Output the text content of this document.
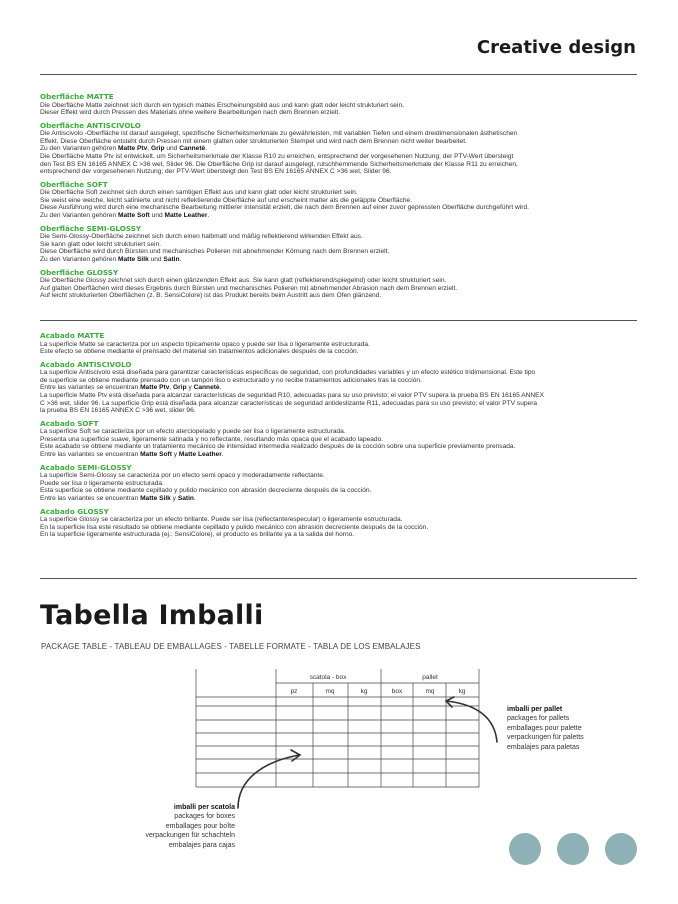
Creative design
Oberfläche MATTE
Die Oberfläche Matte zeichnet sich durch ein typisch mattes Erscheinungsbild aus und kann glatt oder leicht strukturiert sein.
Dieser Effekt wird durch Pressen des Materials ohne weitere Bearbeitungen nach dem Brennen erzielt.
Oberfläche ANTISCIVOLO
Die Antiscivolo -Oberfläche ist darauf ausgelegt, spezifische Sicherheitsmerkmale zu gewährleisten, mit variablen Tiefen und einem dreidimensionalen ästhetischen
Effekt. Diese Oberfläche entsteht durch Pressen mit einem glatten oder strukturierten Stempel und wird nach dem Brennen nicht weiter bearbeitet.
Zu den Varianten gehören Matte Ptv, Grip und Cannetè.
Die Oberfläche Matte Ptv ist entwickelt, um Sicherheitsmerkmale der Klasse R10 zu erreichen, entsprechend der vorgesehenen Nutzung; der PTV-Wert übersteigt
den Test BS EN 16165 ANNEX C >36 wet, Slider 96. Die Oberfläche Grip ist darauf ausgelegt, rutschhemmende Sicherheitsmerkmale der Klasse R11 zu erreichen,
entsprechend der vorgesehenen Nutzung; der PTV-Wert übersteigt den Test BS EN 16165 ANNEX C >36 wet, Slider 96.
Oberfläche SOFT
Die Oberfläche Soft zeichnet sich durch einen samtigen Effekt aus und kann glatt oder leicht strukturiert sein.
Sie weist eine weiche, leicht satinierte und nicht reflektierende Oberfläche auf und erscheint matter als die geläppte Oberfläche.
Diese Ausführung wird durch eine mechanische Bearbeitung mittlerer Intensität erzielt, die nach dem Brennen auf einer zuvor gepressten Oberfläche durchgeführt wird.
Zu den Varianten gehören Matte Soft und Matte Leather.
Oberfläche SEMI-GLOSSY
Die Semi-Glossy-Oberfläche zeichnet sich durch einen halbmatt und mäßig reflektierend wirkenden Effekt aus.
Sie kann glatt oder leicht strukturiert sein.
Diese Oberfläche wird durch Bürsten und mechanisches Polieren mit abnehmender Körnung nach dem Brennen erzielt.
Zu den Varianten gehören Matte Silk und Satin.
Oberfläche GLOSSY
Die Oberfläche Glossy zeichnet sich durch einen glänzenden Effekt aus. Sie kann glatt (reflektierend/spiegelnd) oder leicht strukturiert sein.
Auf glatten Oberflächen wird dieses Ergebnis durch Bürsten und mechanisches Polieren mit abnehmender Abrasion nach dem Brennen erzielt.
Auf leicht strukturierten Oberflächen (z. B. SensiColore) ist das Produkt bereits beim Austritt aus dem Ofen glänzend.
Acabado MATTE
La superficie Matte se caracteriza por un aspecto típicamente opaco y puede ser lisa o ligeramente estructurada.
Este efecto se obtiene mediante el prensado del material sin tratamientos adicionales después de la cocción.
Acabado ANTISCIVOLO
La superficie Antiscivolo está diseñada para garantizar características específicas de seguridad, con profundidades variables y un efecto estético tridimensional. Este tipo
de superficie se obtiene mediante prensado con un tampón liso o estructurado y no recibe tratamientos adicionales tras la cocción.
Entre las variantes se encuentran Matte Ptv, Grip y Cannetè.
La superficie Matte Ptv está diseñada para alcanzar características de seguridad R10, adecuadas para su uso previsto; el valor PTV supera la prueba BS EN 16165 ANNEX
C >36 wet, slider 96. La superficie Grip está diseñada para alcanzar características de seguridad antideslizante R11, adecuadas para su uso previsto; el valor PTV supera
la prueba BS EN 16165 ANNEX C >36 wet, slider 96.
Acabado SOFT
La superficie Soft se caracteriza por un efecto aterciopelado y puede ser lisa o ligeramente estructurada.
Presenta una superficie suave, ligeramente satinada y no reflectante, resultando más opaca que el acabado lapeado.
Este acabado se obtiene mediante un tratamiento mecánico de intensidad intermedia realizado después de la cocción sobre una superficie previamente prensada.
Entre las variantes se encuentran Matte Soft y Matte Leather.
Acabado SEMI-GLOSSY
La superficie Semi-Glossy se caracteriza por un efecto semi opaco y moderadamente reflectante.
Puede ser lisa o ligeramente estructurada.
Esta superficie se obtiene mediante cepillado y pulido mecánico con abrasión decreciente después de la cocción.
Entre las variantes se encuentran Matte Silk y Satin.
Acabado GLOSSY
La superficie Glossy se caracteriza por un efecto brillante. Puede ser lisa (reflectante/especular) o ligeramente estructurada.
En la superficie lisa este resultado se obtiene mediante cepillado y pulido mecánico con abrasión decreciente después de la cocción.
En la superficie ligeramente estructurada (ej.: SensiColore), el producto es brillante ya a la salida del horno.
Tabella Imballi
PACKAGE TABLE - TABLEAU DE EMBALLAGES - TABELLE FORMATE - TABLA DE LOS EMBALAJES
scatola - box	pallet
pz	mq	kg	box	mq	kg
imballi per pallet
packages for pallets
emballages pour palette
verpackungen für paletts
embalajes para paletas
imballi per scatola
packages for boxes
emballages pour boîte
verpackungen für schachteln
embalajes para cajas
